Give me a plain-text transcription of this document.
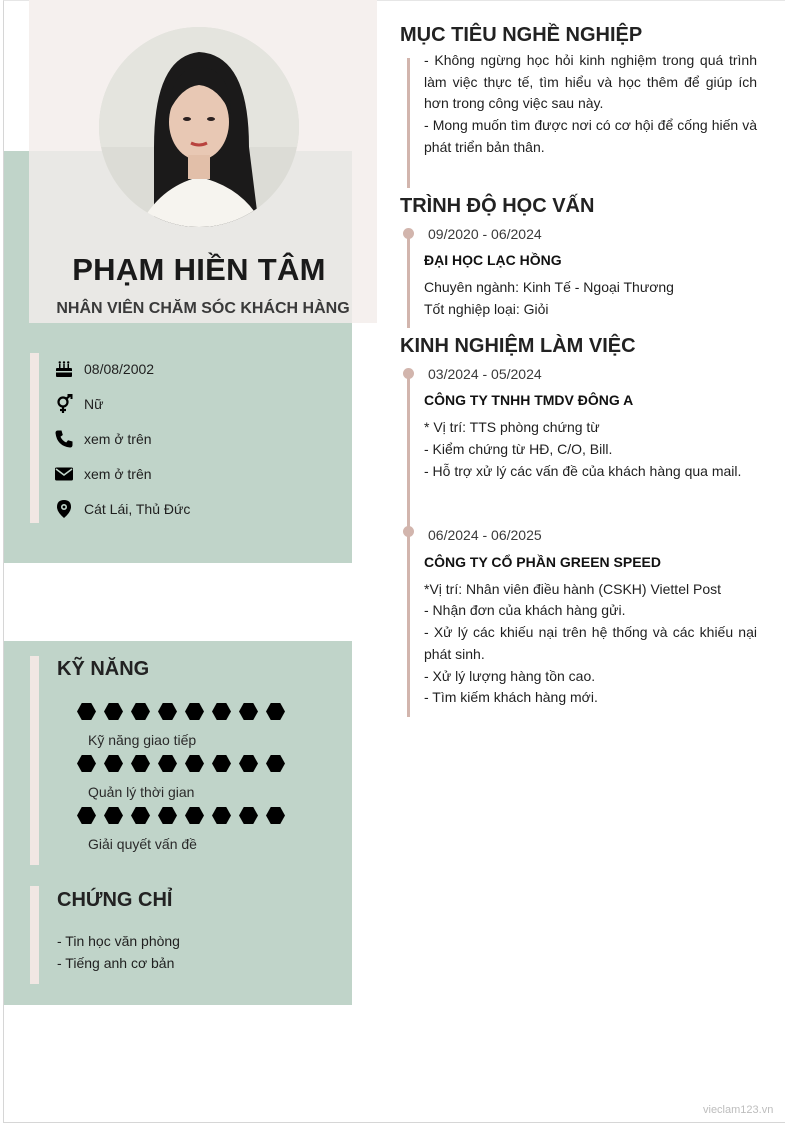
PHẠM HIỀN TÂM
NHÂN VIÊN CHĂM SÓC KHÁCH HÀNG
08/08/2002
Nữ
xem ở trên
xem ở trên
Cát Lái, Thủ Đức
KỸ NĂNG
Kỹ năng giao tiếp
Quản lý thời gian
Giải quyết vấn đề
CHỨNG CHỈ
- Tin học văn phòng
- Tiếng anh cơ bản
MỤC TIÊU NGHỀ NGHIỆP
- Không ngừng học hỏi kinh nghiệm trong quá trình làm việc thực tế, tìm hiểu và học thêm để giúp ích hơn trong công việc sau này.
- Mong muốn tìm được nơi có cơ hội để cống hiến và phát triển bản thân.
TRÌNH ĐỘ HỌC VẤN
09/2020 - 06/2024
ĐẠI HỌC LẠC HỒNG
Chuyên ngành: Kinh Tế - Ngoại Thương
Tốt nghiệp loại: Giỏi
KINH NGHIỆM LÀM VIỆC
03/2024 - 05/2024
CÔNG TY TNHH TMDV ĐÔNG A
* Vị trí: TTS phòng chứng từ
- Kiểm chứng từ HĐ, C/O, Bill.
- Hỗ trợ xử lý các vấn đề của khách hàng qua mail.
06/2024 - 06/2025
CÔNG TY CỔ PHẦN GREEN SPEED
*Vị trí: Nhân viên điều hành (CSKH) Viettel Post
- Nhận đơn của khách hàng gửi.
- Xử lý các khiếu nại trên hệ thống và các khiếu nại phát sinh.
- Xử lý lượng hàng tồn cao.
- Tìm kiếm khách hàng mới.
vieclam123.vn
